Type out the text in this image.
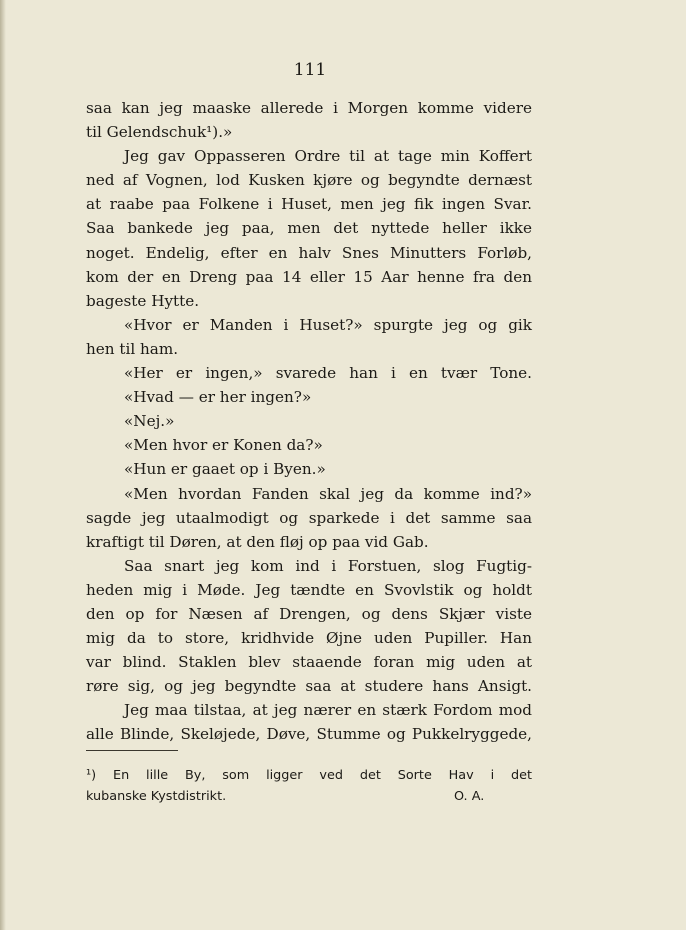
111
saa kan jeg maaske allerede i Morgen komme videre
til Gelendschuk¹).»
Jeg gav Oppasseren Ordre til at tage min Koffert
ned af Vognen, lod Kusken kjøre og begyndte dernæst
at raabe paa Folkene i Huset, men jeg fik ingen Svar.
Saa bankede jeg paa, men det nyttede heller ikke
noget. Endelig, efter en halv Snes Minutters Forløb,
kom der en Dreng paa 14 eller 15 Aar henne fra den
bageste Hytte.
«Hvor er Manden i Huset?» spurgte jeg og gik
hen til ham.
«Her er ingen,» svarede han i en tvær Tone.
«Hvad — er her ingen?»
«Nej.»
«Men hvor er Konen da?»
«Hun er gaaet op i Byen.»
«Men hvordan Fanden skal jeg da komme ind?»
sagde jeg utaalmodigt og sparkede i det samme saa
kraftigt til Døren, at den fløj op paa vid Gab.
Saa snart jeg kom ind i Forstuen, slog Fugtig-
heden mig i Møde. Jeg tændte en Svovlstik og holdt
den op for Næsen af Drengen, og dens Skjær viste
mig da to store, kridhvide Øjne uden Pupiller. Han
var blind. Staklen blev staaende foran mig uden at
røre sig, og jeg begyndte saa at studere hans Ansigt.
Jeg maa tilstaa, at jeg nærer en stærk Fordom mod
alle Blinde, Skeløjede, Døve, Stumme og Pukkelryggede,
¹) En lille By, som ligger ved det Sorte Hav i det
kubanske Kystdistrikt.	O. A.
